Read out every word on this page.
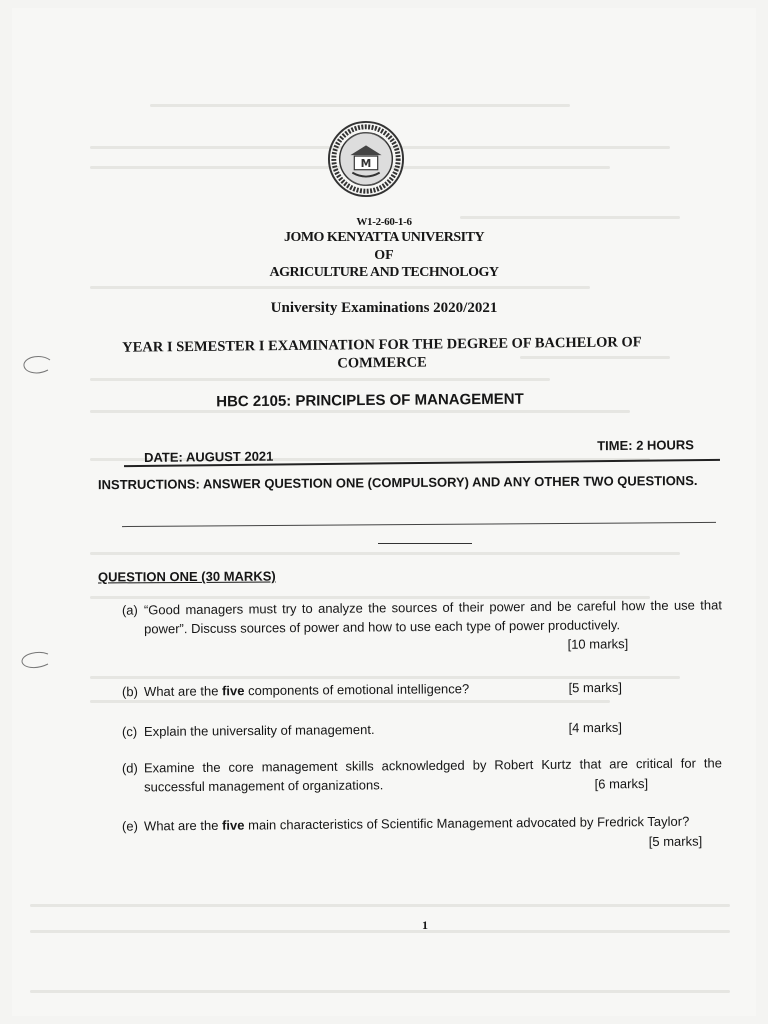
M
W1-2-60-1-6
JOMO KENYATTA UNIVERSITY
OF
AGRICULTURE AND TECHNOLOGY
University Examinations 2020/2021
YEAR I SEMESTER I EXAMINATION FOR THE DEGREE OF BACHELOR OF COMMERCE
HBC 2105: PRINCIPLES OF MANAGEMENT
DATE: AUGUST 2021
TIME: 2 HOURS
INSTRUCTIONS: ANSWER QUESTION ONE (COMPULSORY) AND ANY OTHER TWO QUESTIONS.
QUESTION ONE (30 MARKS)
(a) “Good managers must try to analyze the sources of their power and be careful how the use that power”. Discuss sources of power and how to use each type of power productively.
[10 marks]
(b) What are the five components of emotional intelligence?	[5 marks]
(c) Explain the universality of management.	[4 marks]
(d) Examine the core management skills acknowledged by Robert Kurtz that are critical for the successful management of organizations.	[6 marks]
(e) What are the five main characteristics of Scientific Management advocated by Fredrick Taylor?
[5 marks]
1
